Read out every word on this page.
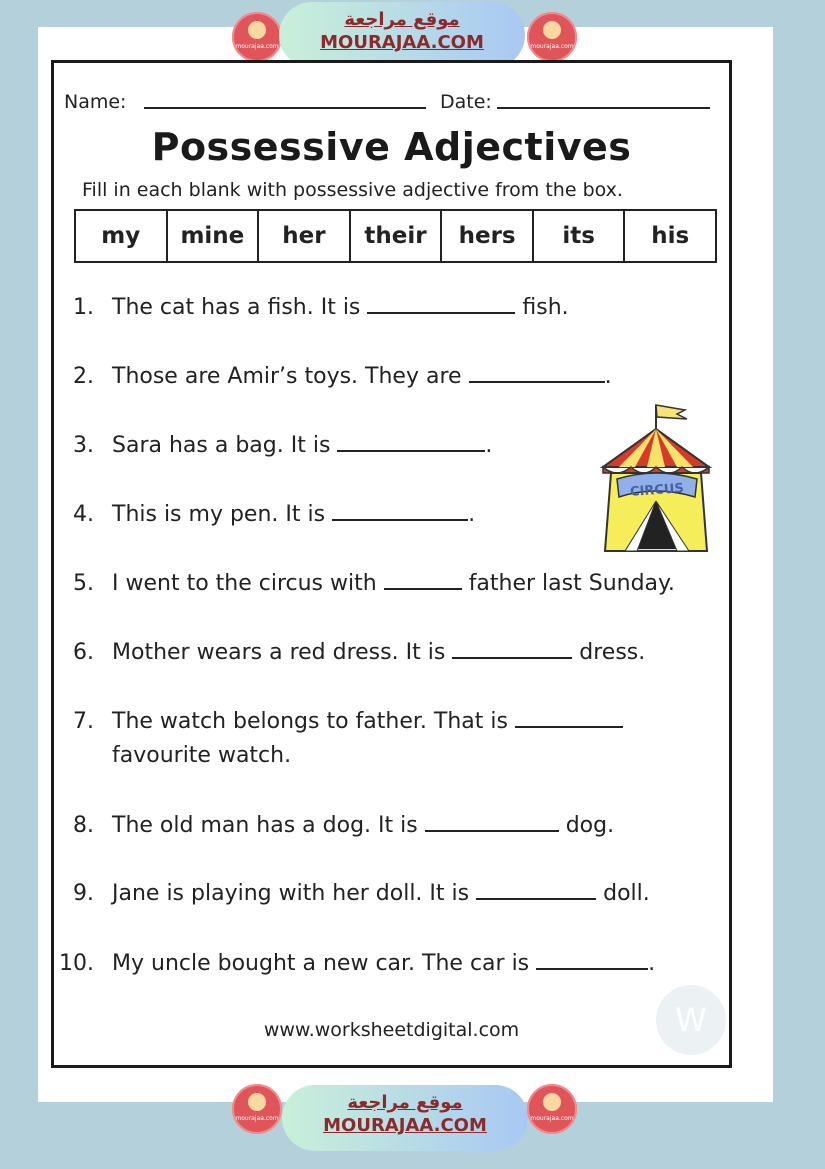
mourajaa.com
موقع مراجعة
MOURAJAA.COM	mourajaa.com
Name:	Date:
Possessive Adjectives
Fill in each blank with possessive adjective from the box.
my	mine	her	their	hers	its	his
1. The cat has a fish. It is	fish.
2. Those are Amir’s toys. They are	.
3. Sara has a bag. It is	.
4. This is my pen. It is	.
5. I went to the circus with	father last Sunday.
6. Mother wears a red dress. It is	dress.
7. The watch belongs to father. That is
favourite watch.
8. The old man has a dog. It is	dog.
9. Jane is playing with her doll. It is	doll.
10. My uncle bought a new car. The car is	.
CIRCUS
www.worksheetdigital.com	W
mourajaa.com
موقع مراجعة
MOURAJAA.COM	mourajaa.com
